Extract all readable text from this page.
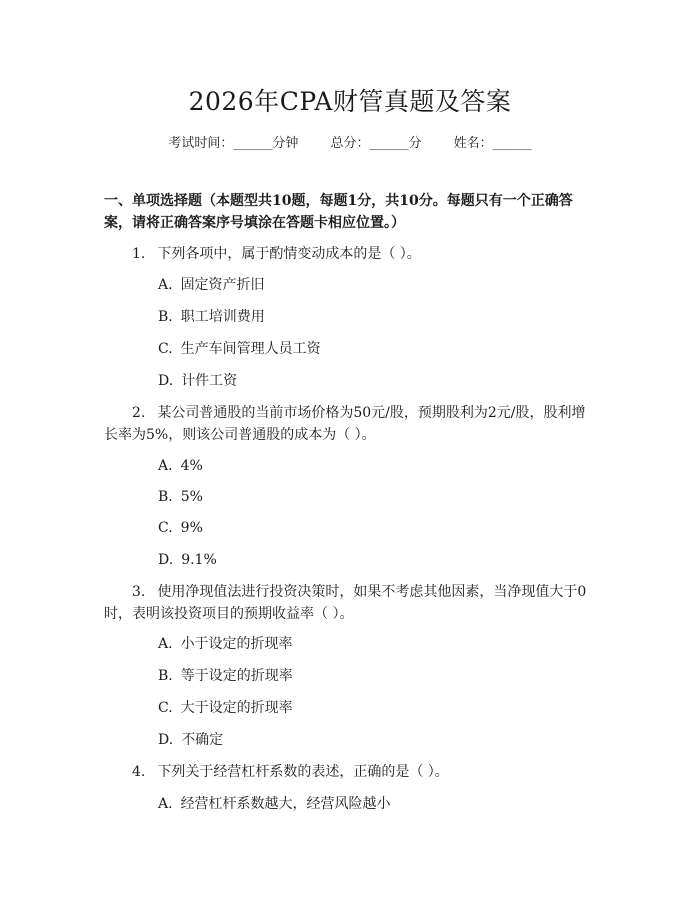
2026年CPA财管真题及答案
考试时间：______分钟 总分：______分 姓名：______
一、单项选择题（本题型共10题，每题1分，共10分。每题只有一个正确答案，请将正确答案序号填涂在答题卡相应位置。）
1. 下列各项中，属于酌情变动成本的是（ ）。
A. 固定资产折旧
B. 职工培训费用
C. 生产车间管理人员工资
D. 计件工资
2. 某公司普通股的当前市场价格为50元/股，预期股利为2元/股，股利增长率为5%，则该公司普通股的成本为（ ）。
A. 4%
B. 5%
C. 9%
D. 9.1%
3. 使用净现值法进行投资决策时，如果不考虑其他因素，当净现值大于0时，表明该投资项目的预期收益率（ ）。
A. 小于设定的折现率
B. 等于设定的折现率
C. 大于设定的折现率
D. 不确定
4. 下列关于经营杠杆系数的表述，正确的是（ ）。
A. 经营杠杆系数越大，经营风险越小
